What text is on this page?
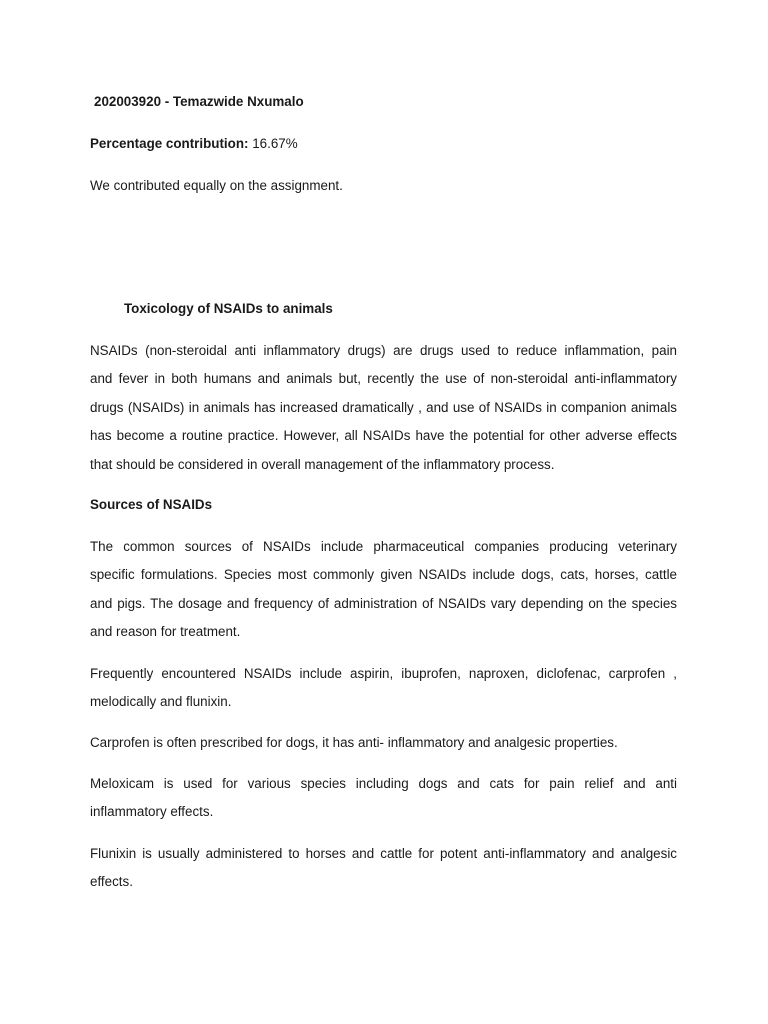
202003920 - Temazwide Nxumalo
Percentage contribution: 16.67%
We contributed equally on the assignment.
Toxicology of NSAIDs to animals
NSAIDs (non-steroidal anti inflammatory drugs) are drugs used to reduce inflammation, pain
and fever in both humans and animals but, recently the use of non-steroidal anti-inflammatory
drugs (NSAIDs) in animals has increased dramatically , and use of NSAIDs in companion animals
has become a routine practice. However, all NSAIDs have the potential for other adverse effects
that should be considered in overall management of the inflammatory process.
Sources of NSAIDs
The common sources of NSAIDs include pharmaceutical companies producing veterinary
specific formulations. Species most commonly given NSAIDs include dogs, cats, horses, cattle
and pigs. The dosage and frequency of administration of NSAIDs vary depending on the species
and reason for treatment.
Frequently encountered NSAIDs include aspirin, ibuprofen, naproxen, diclofenac, carprofen ,
melodically and flunixin.
Carprofen is often prescribed for dogs, it has anti- inflammatory and analgesic properties.
Meloxicam is used for various species including dogs and cats for pain relief and anti
inflammatory effects.
Flunixin is usually administered to horses and cattle for potent anti-inflammatory and analgesic
effects.
